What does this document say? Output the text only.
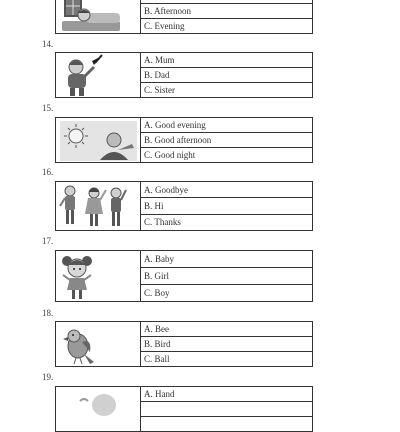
B. Afternoon
C. Evening
14.
A. Mum
B. Dad
C. Sister
15.
A. Good evening
B. Good afternoon
C. Good night
16.
A. Goodbye
B. Hi
C. Thanks
17.
A. Baby
B. Girl
C. Boy
18.
A. Bee
B. Bird
C. Ball
19.
A. Hand
